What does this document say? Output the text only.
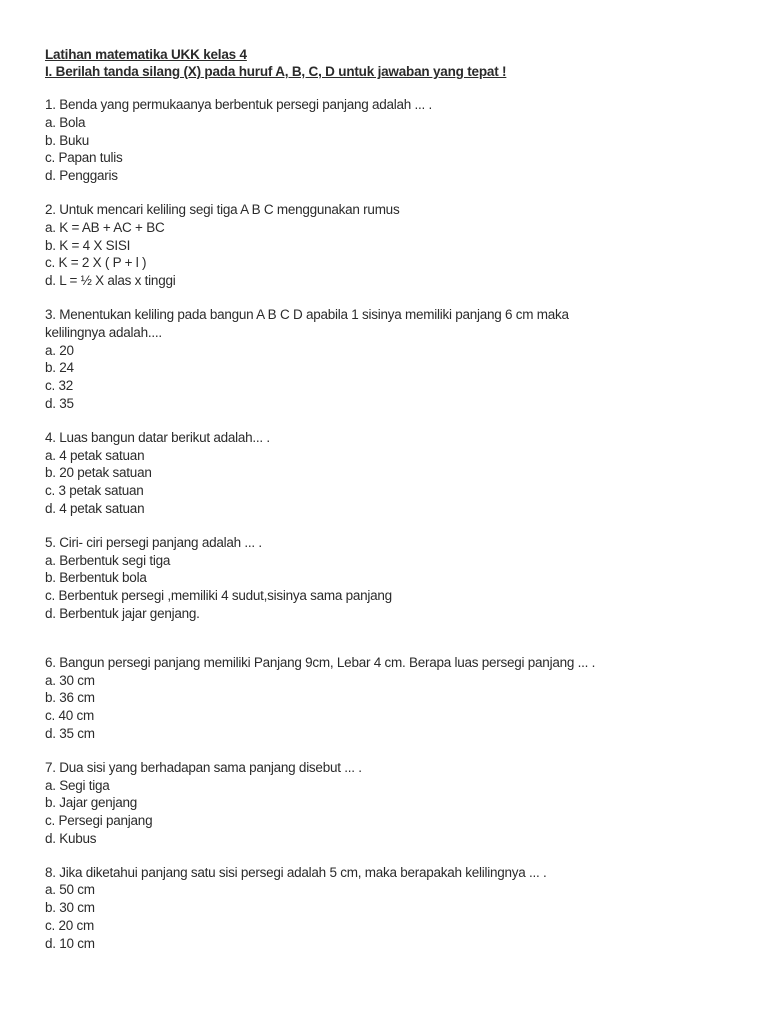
Latihan matematika UKK kelas 4
I. Berilah tanda silang (X) pada huruf A, B, C, D untuk jawaban yang tepat !
1. Benda yang permukaanya berbentuk persegi panjang adalah ... .
a. Bola
b. Buku
c. Papan tulis
d. Penggaris
2. Untuk mencari keliling segi tiga A B C menggunakan rumus
a. K = AB + AC + BC
b. K = 4 X SISI
c. K = 2 X ( P + l )
d. L = ½ X alas x tinggi
3. Menentukan keliling pada bangun A B C D apabila 1 sisinya memiliki panjang 6 cm maka kelilingnya adalah....
a. 20
b. 24
c. 32
d. 35
4. Luas bangun datar berikut adalah... .
a. 4 petak satuan
b. 20 petak satuan
c. 3 petak satuan
d. 4 petak satuan
5. Ciri- ciri persegi panjang adalah ... .
a. Berbentuk segi tiga
b. Berbentuk bola
c. Berbentuk persegi ,memiliki 4 sudut,sisinya sama panjang
d. Berbentuk jajar genjang.
6. Bangun persegi panjang memiliki Panjang 9cm, Lebar 4 cm. Berapa luas persegi panjang ... .
a. 30 cm
b. 36 cm
c. 40 cm
d. 35 cm
7. Dua sisi yang berhadapan sama panjang disebut ... .
a. Segi tiga
b. Jajar genjang
c. Persegi panjang
d. Kubus
8. Jika diketahui panjang satu sisi persegi adalah 5 cm, maka berapakah kelilingnya ... .
a. 50 cm
b. 30 cm
c. 20 cm
d. 10 cm
